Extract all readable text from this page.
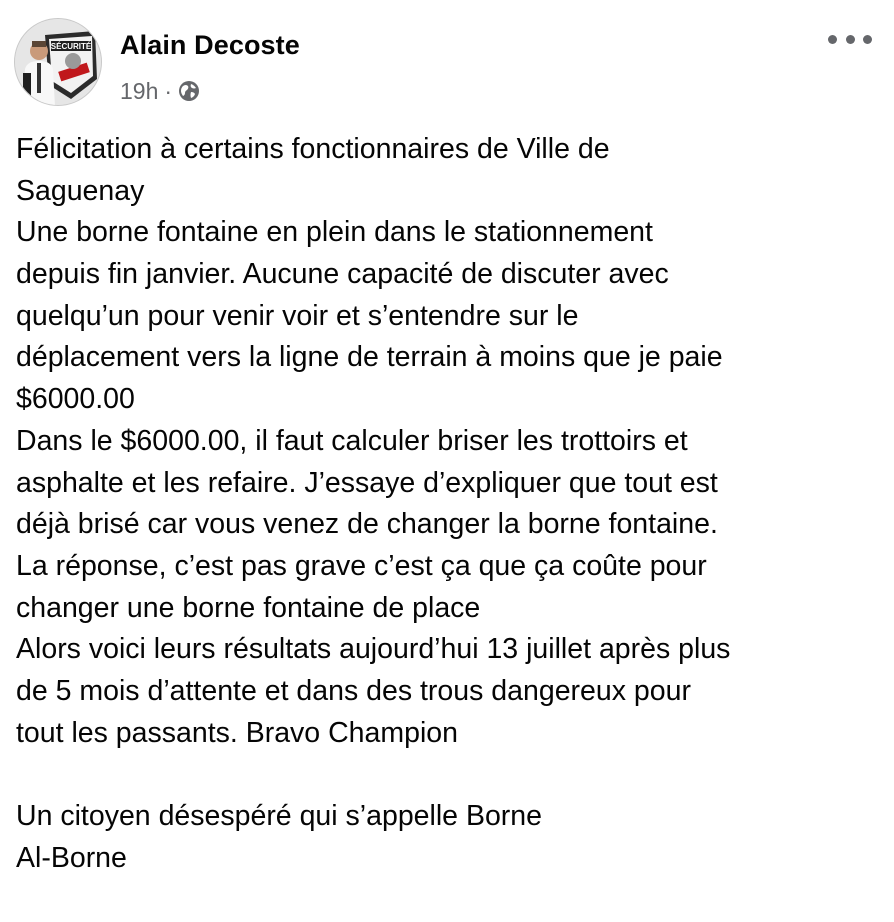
SÉCURITÉ Alain Decoste
19h ·
Félicitation à certains fonctionnaires de Ville de
Saguenay
Une borne fontaine en plein dans le stationnement
depuis fin janvier. Aucune capacité de discuter avec
quelqu’un pour venir voir et s’entendre sur le
déplacement vers la ligne de terrain à moins que je paie
$6000.00
Dans le $6000.00, il faut calculer briser les trottoirs et
asphalte et les refaire. J’essaye d’expliquer que tout est
déjà brisé car vous venez de changer la borne fontaine.
La réponse, c’est pas grave c’est ça que ça coûte pour
changer une borne fontaine de place
Alors voici leurs résultats aujourd’hui 13 juillet après plus
de 5 mois d’attente et dans des trous dangereux pour
tout les passants. Bravo Champion
Un citoyen désespéré qui s’appelle Borne
Al-Borne
